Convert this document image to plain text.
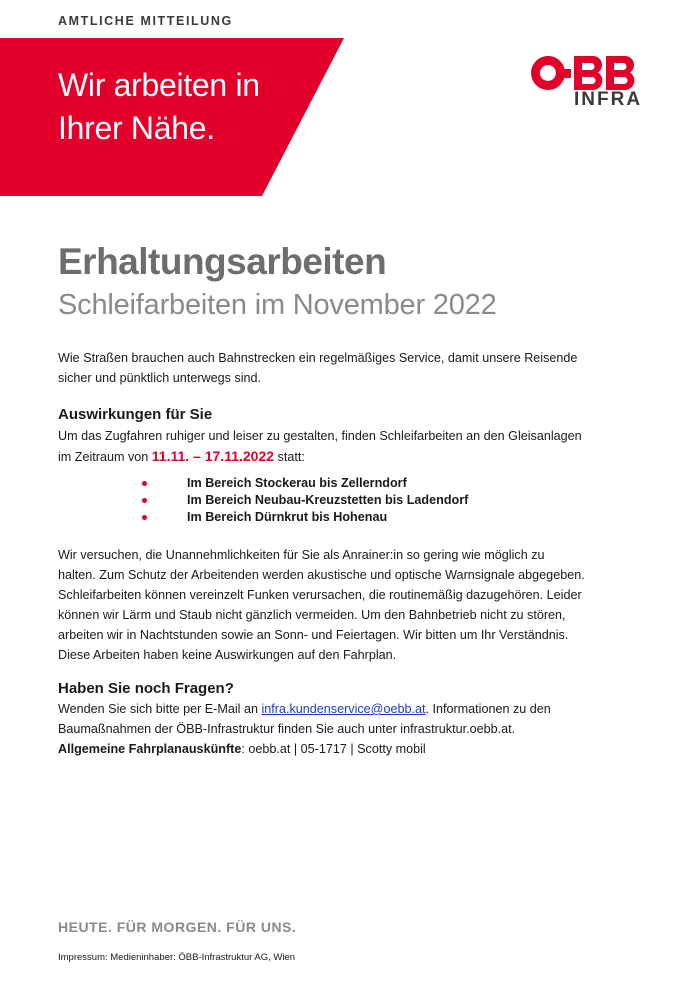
AMTLICHE MITTEILUNG
Wir arbeiten in
Ihrer Nähe.
INFRA
Erhaltungsarbeiten
Schleifarbeiten im November 2022
Wie Straßen brauchen auch Bahnstrecken ein regelmäßiges Service, damit unsere Reisende
sicher und pünktlich unterwegs sind.
Auswirkungen für Sie
Um das Zugfahren ruhiger und leiser zu gestalten, finden Schleifarbeiten an den Gleisanlagen
im Zeitraum von 11.11. – 17.11.2022 statt:
Im Bereich Stockerau bis Zellerndorf
Im Bereich Neubau-Kreuzstetten bis Ladendorf
Im Bereich Dürnkrut bis Hohenau
Wir versuchen, die Unannehmlichkeiten für Sie als Anrainer:in so gering wie möglich zu
halten. Zum Schutz der Arbeitenden werden akustische und optische Warnsignale abgegeben.
Schleifarbeiten können vereinzelt Funken verursachen, die routinemäßig dazugehören. Leider
können wir Lärm und Staub nicht gänzlich vermeiden. Um den Bahnbetrieb nicht zu stören,
arbeiten wir in Nachtstunden sowie an Sonn- und Feiertagen. Wir bitten um Ihr Verständnis.
Diese Arbeiten haben keine Auswirkungen auf den Fahrplan.
Haben Sie noch Fragen?
Wenden Sie sich bitte per E-Mail an infra.kundenservice@oebb.at. Informationen zu den
Baumaßnahmen der ÖBB-Infrastruktur finden Sie auch unter infrastruktur.oebb.at.
Allgemeine Fahrplanauskünfte: oebb.at | 05-1717 | Scotty mobil
HEUTE. FÜR MORGEN. FÜR UNS.
Impressum: Medieninhaber: ÖBB-Infrastruktur AG, Wien
